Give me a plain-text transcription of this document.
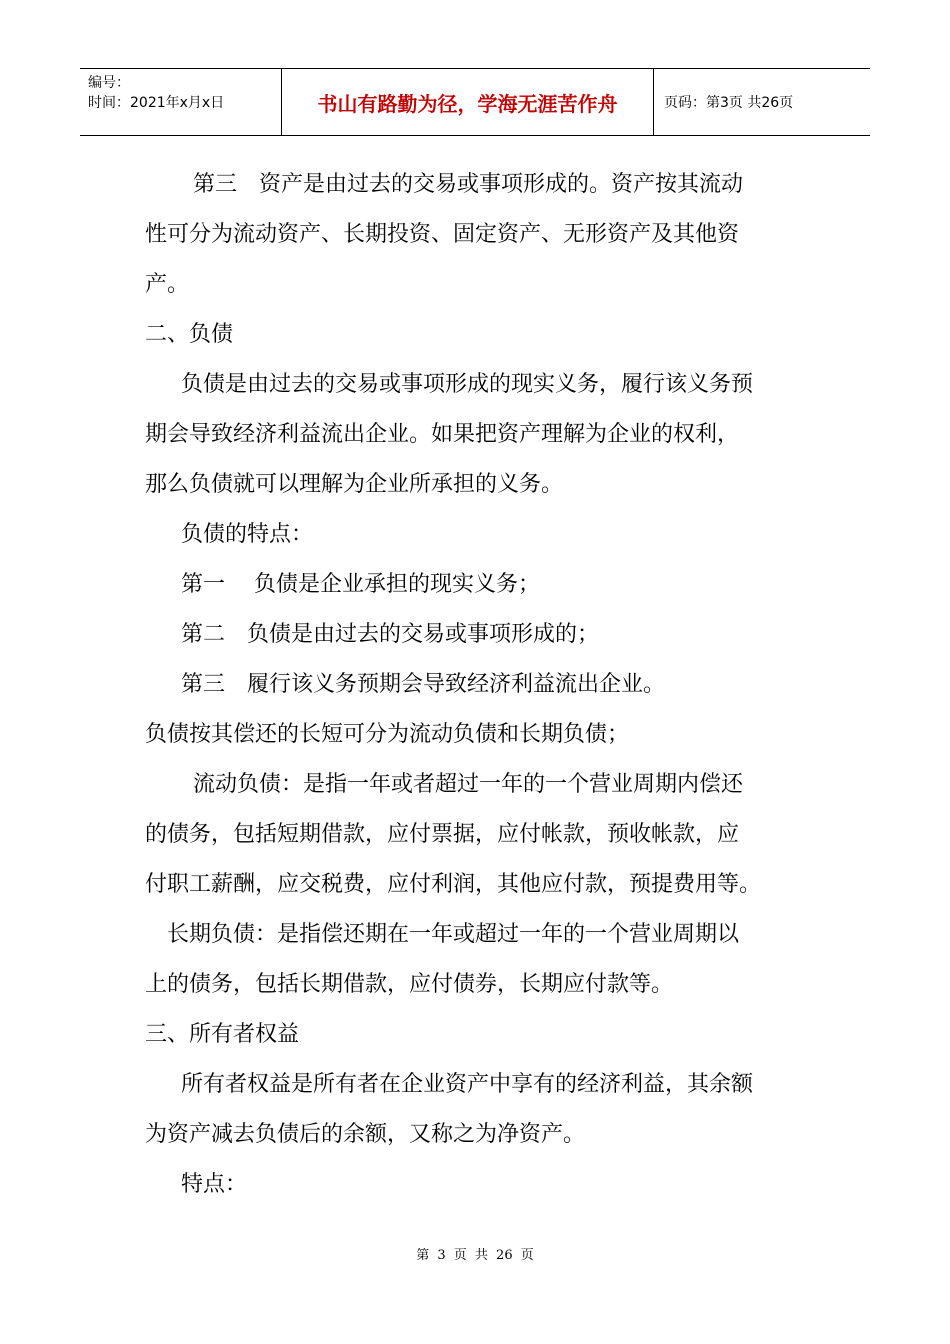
编号：
时间：2021年x月x日	书山有路勤为径，学海无涯苦作舟	页码：第3页 共26页

第三　资产是由过去的交易或事项形成的。资产按其流动

性可分为流动资产、长期投资、固定资产、无形资产及其他资

产。

二、负债

负债是由过去的交易或事项形成的现实义务，履行该义务预

期会导致经济利益流出企业。如果把资产理解为企业的权利，

那么负债就可以理解为企业所承担的义务。

负债的特点：

第一　 负债是企业承担的现实义务；

第二　负债是由过去的交易或事项形成的；

第三　履行该义务预期会导致经济利益流出企业。

负债按其偿还的长短可分为流动负债和长期负债；

流动负债：是指一年或者超过一年的一个营业周期内偿还

的债务，包括短期借款，应付票据，应付帐款，预收帐款，应

付职工薪酬，应交税费，应付利润，其他应付款，预提费用等。

长期负债：是指偿还期在一年或超过一年的一个营业周期以

上的债务，包括长期借款，应付债券，长期应付款等。

三、所有者权益

所有者权益是所有者在企业资产中享有的经济利益，其余额

为资产减去负债后的余额，又称之为净资产。

特点：

第 3 页 共 26 页
